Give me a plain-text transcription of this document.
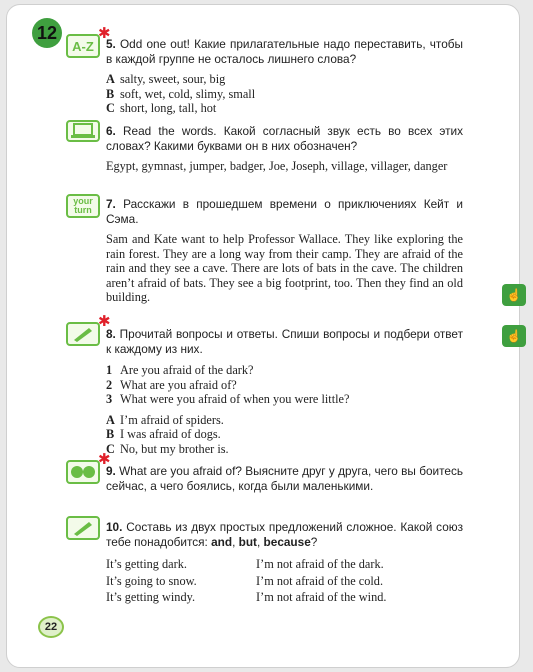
12
A-Z
✱
5. Odd one out! Какие прилагательные надо переставить, чтобы в каждой группе не осталось лишнего слова?
A salty, sweet, sour, big
B soft, wet, cold, slimy, small
C short, long, tall, hot
6. Read the words. Какой согласный звук есть во всех этих словах? Какими буквами он в них обозначен?
Egypt, gymnast, jumper, badger, Joe, Joseph, village, villager, danger
your turn	7. Расскажи в прошедшем времени о приключениях Кейт и Сэма.
Sam and Kate want to help Professor Wallace. They like exploring the rain forest. They are a long way from their camp. They are afraid of the rain and they see a cave. There are lots of bats in the cave. The children aren’t afraid of bats. They see a big footprint, too. Then they find an old building.	☝
☝
✱
8. Прочитай вопросы и ответы. Спиши вопросы и подбери ответ к каждому из них.
1 Are you afraid of the dark?
2 What are you afraid of?
3 What were you afraid of when you were little?
A I’m afraid of spiders.
B I was afraid of dogs.
C No, but my brother is.
✱
9. What are you afraid of? Выясните друг у друга, чего вы боитесь сейчас, а чего боялись, когда были маленькими.
10. Составь из двух простых предложений сложное. Какой союз тебе понадобится: and, but, because?
It’s getting dark.	I’m not afraid of the dark.
It’s going to snow.	I’m not afraid of the cold.
It’s getting windy.	I’m not afraid of the wind.
22
